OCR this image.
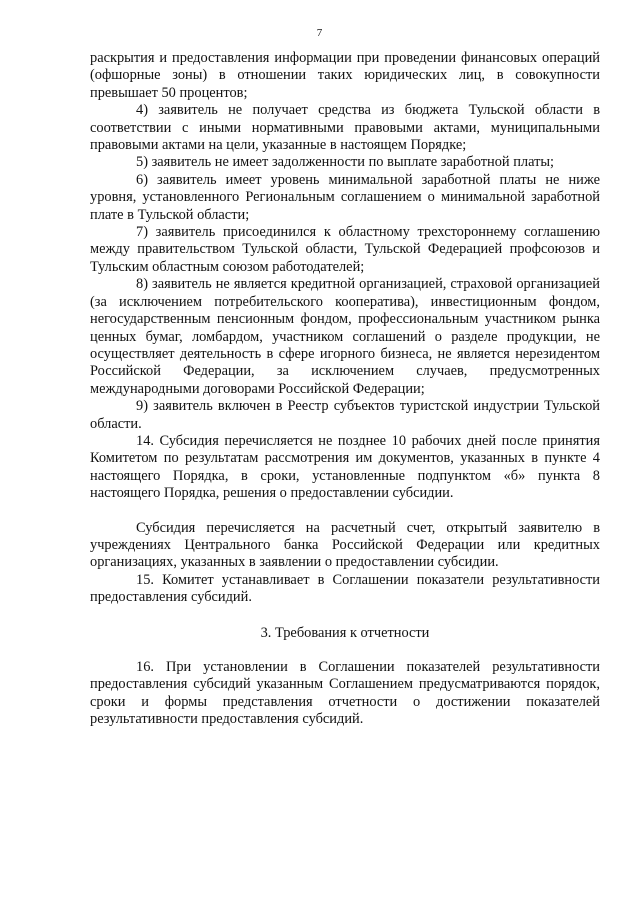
7

раскрытия и предоставления информации при проведении финансовых операций (офшорные зоны) в отношении таких юридических лиц, в совокупности превышает 50 процентов;

4) заявитель не получает средства из бюджета Тульской области в соответствии с иными нормативными правовыми актами, муниципальными правовыми актами на цели, указанные в настоящем Порядке;

5) заявитель не имеет задолженности по выплате заработной платы;

6) заявитель имеет уровень минимальной заработной платы не ниже уровня, установленного Региональным соглашением о минимальной заработной плате в Тульской области;

7) заявитель присоединился к областному трехстороннему соглашению между правительством Тульской области, Тульской Федерацией профсоюзов и Тульским областным союзом работодателей;

8) заявитель не является кредитной организацией, страховой организацией (за исключением потребительского кооператива), инвестиционным фондом, негосударственным пенсионным фондом, профессиональным участником рынка ценных бумаг, ломбардом, участником соглашений о разделе продукции, не осуществляет деятельность в сфере игорного бизнеса, не является нерезидентом Российской Федерации, за исключением случаев, предусмотренных международными договорами Российской Федерации;

9) заявитель включен в Реестр субъектов туристской индустрии Тульской области.

14. Субсидия перечисляется не позднее 10 рабочих дней после принятия Комитетом по результатам рассмотрения им документов, указанных в пункте 4 настоящего Порядка, в сроки, установленные подпунктом «б» пункта 8 настоящего Порядка, решения о предоставлении субсидии.

Субсидия перечисляется на расчетный счет, открытый заявителю в учреждениях Центрального банка Российской Федерации или кредитных организациях, указанных в заявлении о предоставлении субсидии.

15. Комитет устанавливает в Соглашении показатели результативности предоставления субсидий.

3. Требования к отчетности

16. При установлении в Соглашении показателей результативности предоставления субсидий указанным Соглашением предусматриваются порядок, сроки и формы представления отчетности о достижении показателей результативности предоставления субсидий.
